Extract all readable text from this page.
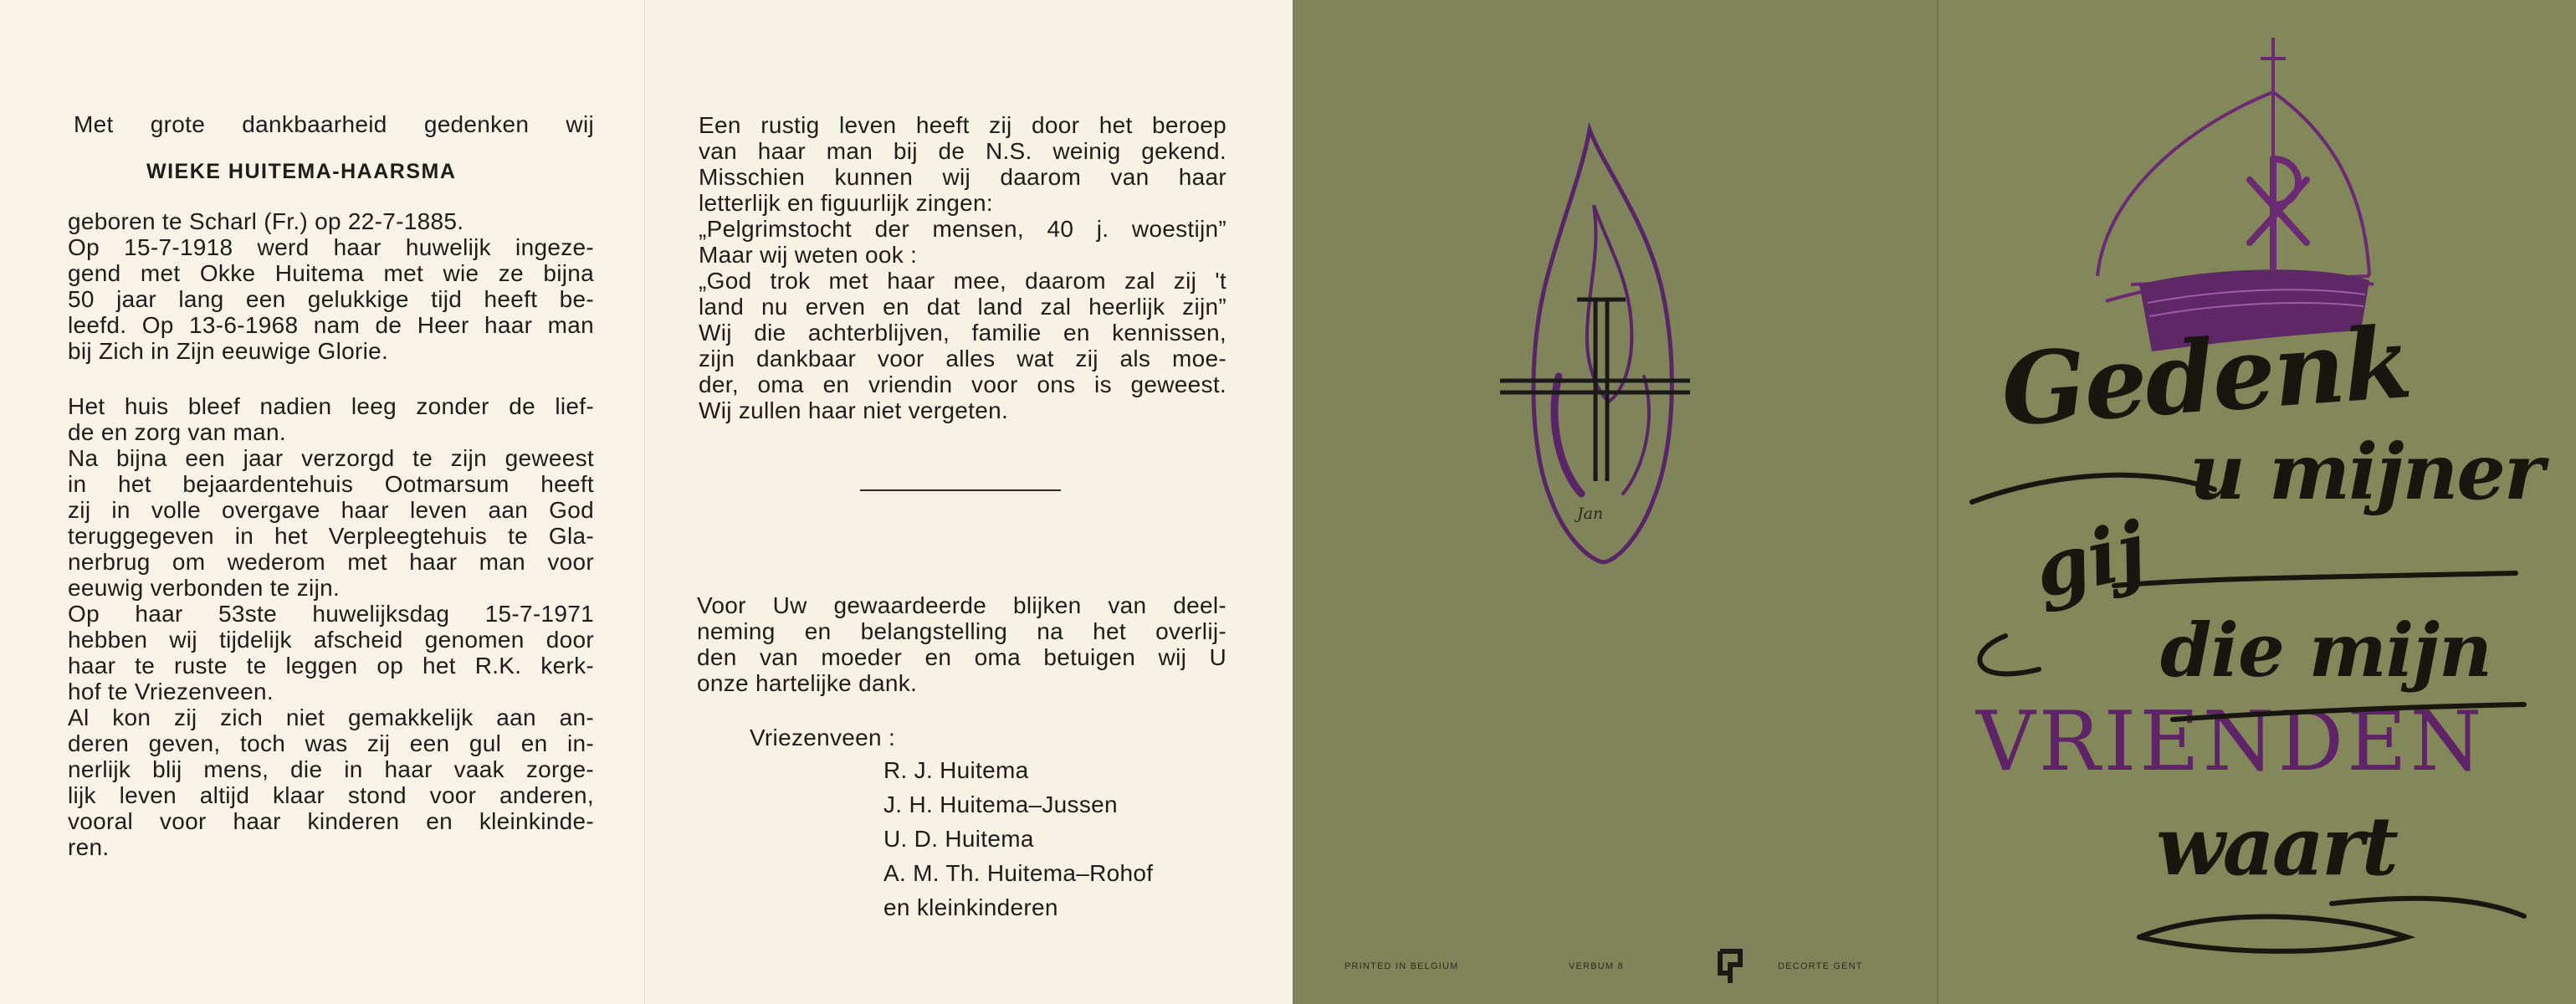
Met grote dankbaarheid gedenken wij
WIEKE HUITEMA-HAARSMA
geboren te Scharl (Fr.) op 22-7-1885.
Op 15-7-1918 werd haar huwelijk ingeze-
gend met Okke Huitema met wie ze bijna
50 jaar lang een gelukkige tijd heeft be-
leefd. Op 13-6-1968 nam de Heer haar man
bij Zich in Zijn eeuwige Glorie.
Het huis bleef nadien leeg zonder de lief-
de en zorg van man.
Na bijna een jaar verzorgd te zijn geweest
in het bejaardentehuis Ootmarsum heeft
zij in volle overgave haar leven aan God
teruggegeven in het Verpleegtehuis te Gla-
nerbrug om wederom met haar man voor
eeuwig verbonden te zijn.
Op haar 53ste huwelijksdag 15-7-1971
hebben wij tijdelijk afscheid genomen door
haar te ruste te leggen op het R.K. kerk-
hof te Vriezenveen.
Al kon zij zich niet gemakkelijk aan an-
deren geven, toch was zij een gul en in-
nerlijk blij mens, die in haar vaak zorge-
lijk leven altijd klaar stond voor anderen,
vooral voor haar kinderen en kleinkinde-
ren.
Een rustig leven heeft zij door het beroep
van haar man bij de N.S. weinig gekend.
Misschien kunnen wij daarom van haar
letterlijk en figuurlijk zingen:
„Pelgrimstocht der mensen, 40 j. woestijn”
Maar wij weten ook :
„God trok met haar mee, daarom zal zij 't
land nu erven en dat land zal heerlijk zijn”
Wij die achterblijven, familie en kennissen,
zijn dankbaar voor alles wat zij als moe-
der, oma en vriendin voor ons is geweest.
Wij zullen haar niet vergeten.
Voor Uw gewaardeerde blijken van deel-
neming en belangstelling na het overlij-
den van moeder en oma betuigen wij U
onze hartelijke dank.
Vriezenveen :
R. J. Huitema
J. H. Huitema–Jussen
U. D. Huitema
A. M. Th. Huitema–Rohof
en kleinkinderen
Jan
PRINTED IN BELGIUM	VERBUM 8	DECORTE GENT
Gedenk
u mijner
gij
die mijn
VRIENDEN
waart
